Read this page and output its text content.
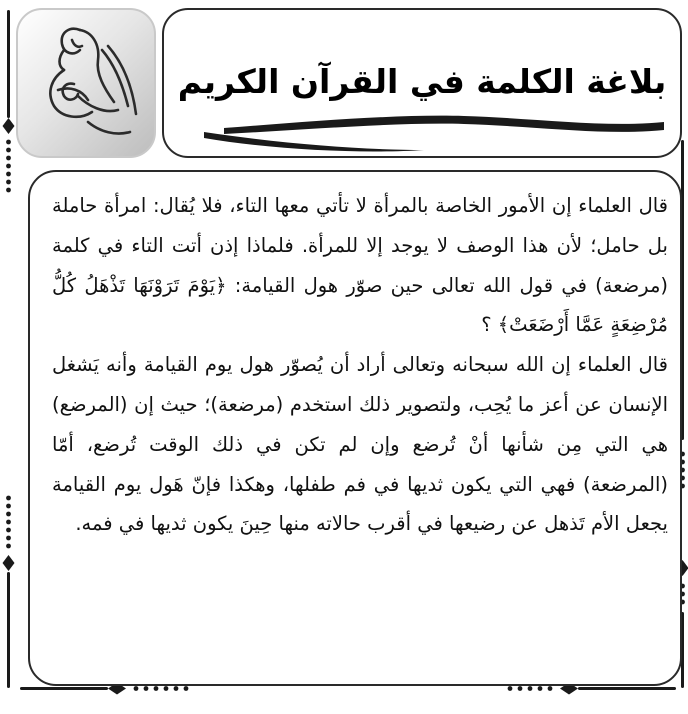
بلاغة الكلمة في القرآن الكريم

قال العلماء إن الأمور الخاصة بالمرأة لا تأتي معها التاء، فلا يُقال: امرأة حاملة بل حامل؛ لأن هذا الوصف لا يوجد إلا للمرأة. فلماذا إذن أتت التاء في كلمة (مرضعة) في قول الله تعالى حين صوّر هول القيامة: ﴿يَوْمَ تَرَوْنَهَا تَذْهَلُ كُلُّ مُرْضِعَةٍ عَمَّا أَرْضَعَتْ﴾ ؟

قال العلماء إن الله سبحانه وتعالى أراد أن يُصوّر هول يوم القيامة وأنه يَشغل الإنسان عن أعز ما يُحِب، ولتصوير ذلك استخدم (مرضعة)؛ حيث إن (المرضع) هي التي مِن شأنها أنْ تُرضع وإن لم تكن في ذلك الوقت تُرضع، أمّا (المرضعة) فهي التي يكون ثديها في فم طفلها، وهكذا فإنّ هَول يوم القيامة يجعل الأم تَذهل عن رضيعها في أقرب حالاته منها حِينَ يكون ثديها في فمه.
